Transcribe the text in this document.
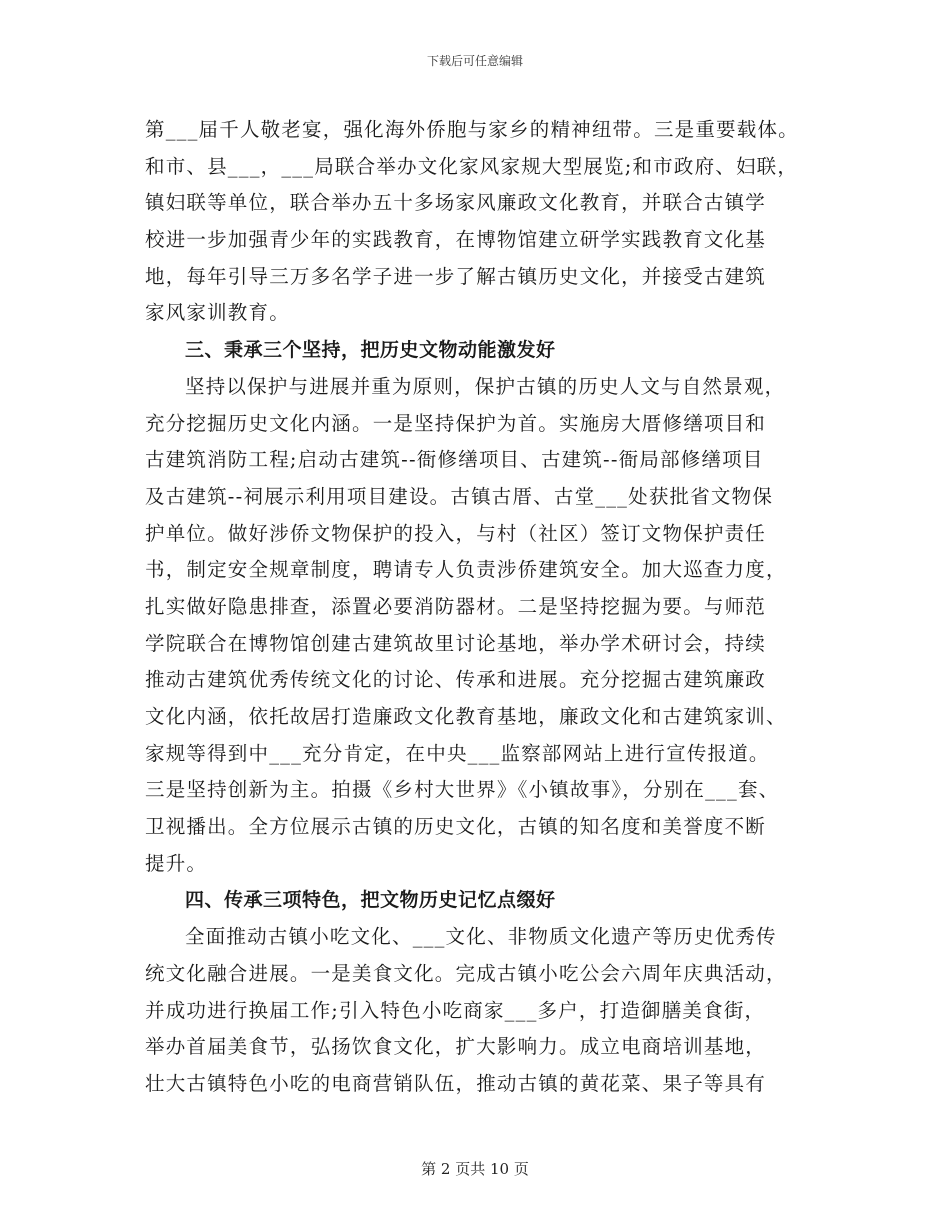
下载后可任意编辑
第___届千人敬老宴，强化海外侨胞与家乡的精神纽带。三是重要载体。
和市、县___，___局联合举办文化家风家规大型展览;和市政府、妇联，
镇妇联等单位，联合举办五十多场家风廉政文化教育，并联合古镇学
校进一步加强青少年的实践教育，在博物馆建立研学实践教育文化基
地，每年引导三万多名学子进一步了解古镇历史文化，并接受古建筑
家风家训教育。
三、秉承三个坚持，把历史文物动能激发好
坚持以保护与进展并重为原则，保护古镇的历史人文与自然景观，
充分挖掘历史文化内涵。一是坚持保护为首。实施房大厝修缮项目和
古建筑消防工程;启动古建筑--衙修缮项目、古建筑--衙局部修缮项目
及古建筑--祠展示利用项目建设。古镇古厝、古堂___处获批省文物保
护单位。做好涉侨文物保护的投入，与村（社区）签订文物保护责任
书，制定安全规章制度，聘请专人负责涉侨建筑安全。加大巡查力度，
扎实做好隐患排查，添置必要消防器材。二是坚持挖掘为要。与师范
学院联合在博物馆创建古建筑故里讨论基地，举办学术研讨会，持续
推动古建筑优秀传统文化的讨论、传承和进展。充分挖掘古建筑廉政
文化内涵，依托故居打造廉政文化教育基地，廉政文化和古建筑家训、
家规等得到中___充分肯定，在中央___监察部网站上进行宣传报道。
三是坚持创新为主。拍摄《乡村大世界》《小镇故事》，分别在___套、
卫视播出。全方位展示古镇的历史文化，古镇的知名度和美誉度不断
提升。
四、传承三项特色，把文物历史记忆点缀好
全面推动古镇小吃文化、___文化、非物质文化遗产等历史优秀传
统文化融合进展。一是美食文化。完成古镇小吃公会六周年庆典活动，
并成功进行换届工作;引入特色小吃商家___多户，打造御膳美食街，
举办首届美食节，弘扬饮食文化，扩大影响力。成立电商培训基地，
壮大古镇特色小吃的电商营销队伍，推动古镇的黄花菜、果子等具有
第 2 页共 10 页
